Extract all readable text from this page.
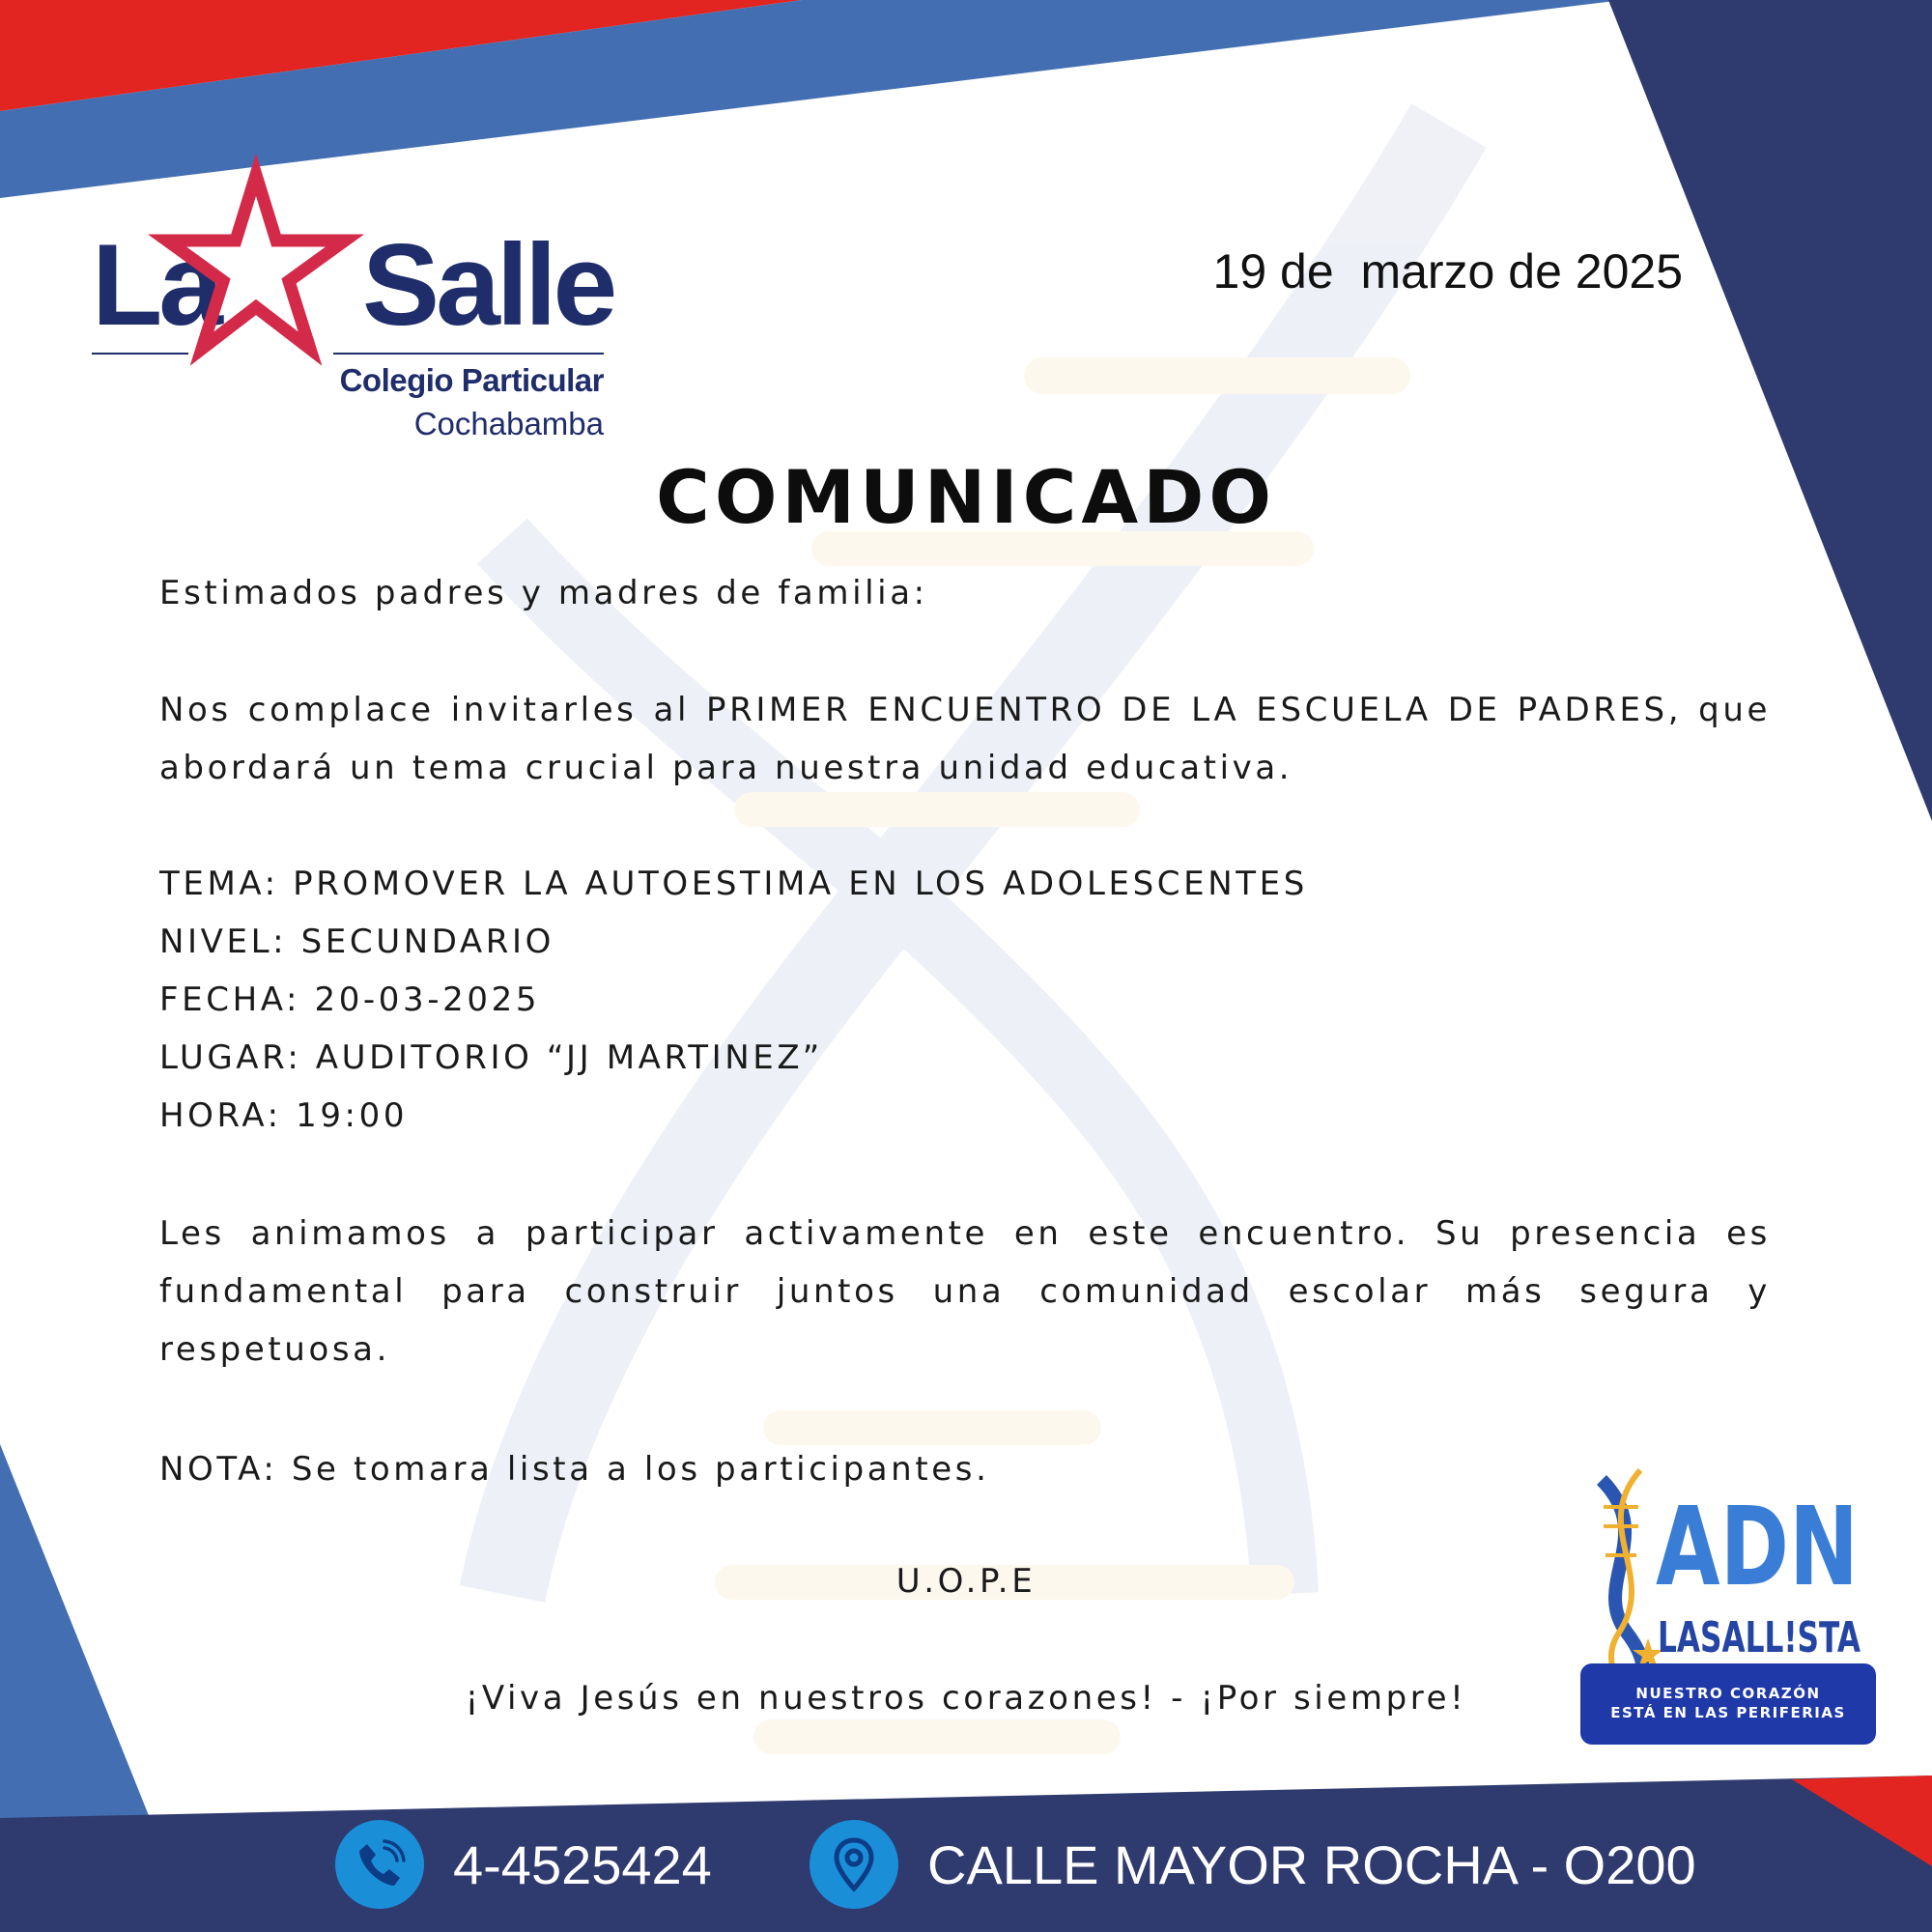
La Salle
Colegio Particular
Cochabamba
19 de  marzo de 2025
COMUNICADO

Estimados padres y madres de familia:

Nos complace invitarles al PRIMER ENCUENTRO DE LA ESCUELA DE PADRES, que abordará un tema crucial para nuestra unidad educativa.

TEMA: PROMOVER LA AUTOESTIMA EN LOS ADOLESCENTES

NIVEL: SECUNDARIO

FECHA: 20-03-2025

LUGAR: AUDITORIO “JJ MARTINEZ”

HORA: 19:00

Les animamos a participar activamente en este encuentro. Su presencia es fundamental para construir juntos una comunidad escolar más segura y respetuosa.

NOTA: Se tomara lista a los participantes.

U.O.P.E
¡Viva Jesús en nuestros corazones! - ¡Por siempre!
ADN
LASALL!STA
NUESTRO CORAZÓN
ESTÁ EN LAS PERIFERIAS
4-4525424	CALLE MAYOR ROCHA - O200
